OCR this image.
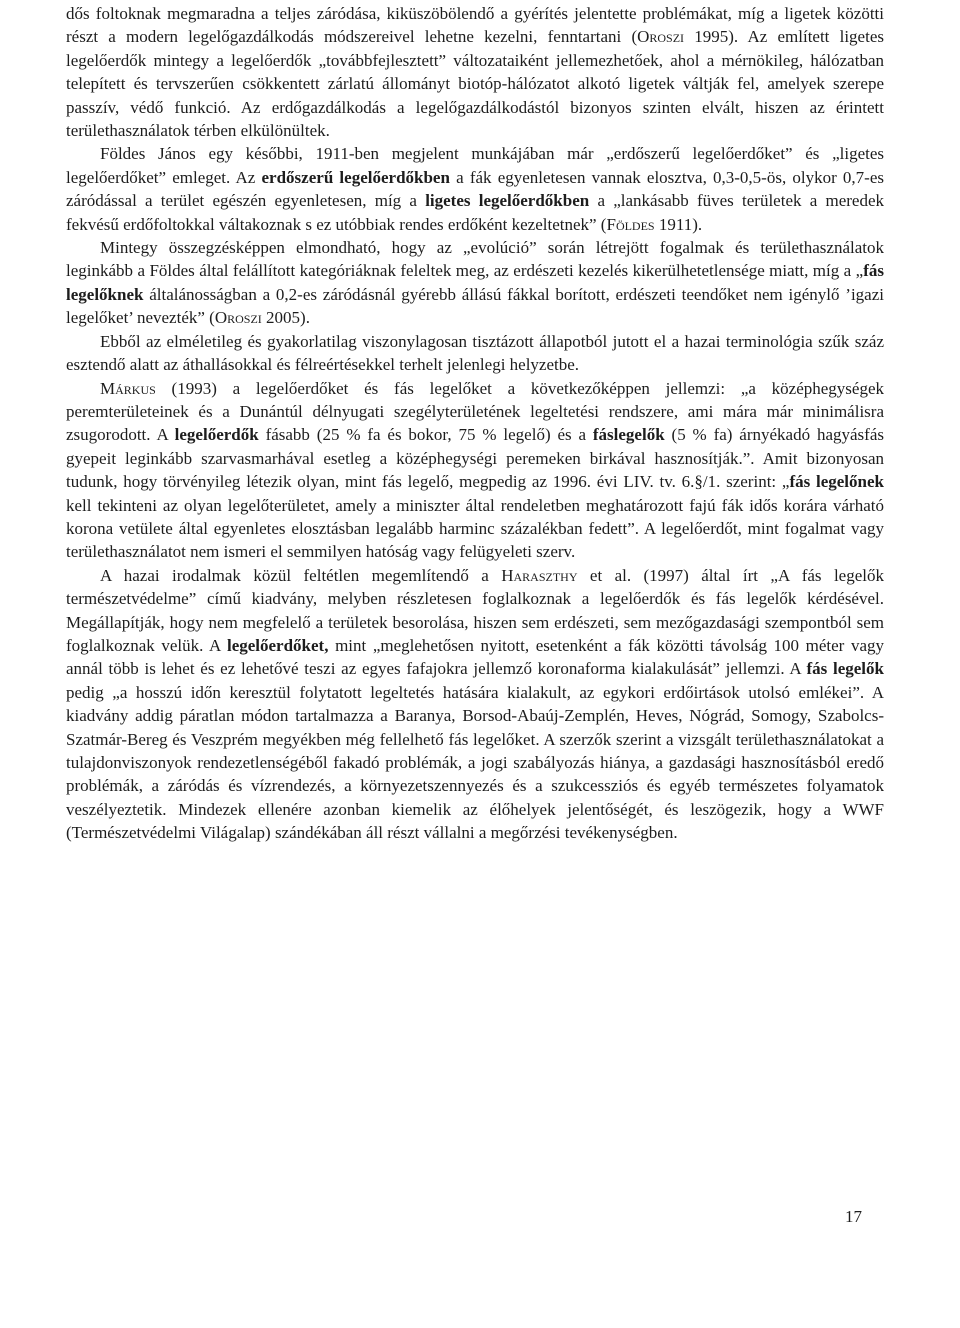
dős foltoknak megmaradna a teljes záródása, kiküszöbölendő a gyérítés jelentette problémákat, míg a ligetek közötti részt a modern legelőgazdálkodás módszereivel lehetne kezelni, fenntartani (Oroszi 1995). Az említett ligetes legelőerdők mintegy a legelőerdők „továbbfejlesztett” változataiként jellemezhetőek, ahol a mérnökileg, hálózatban telepített és tervszerűen csökkentett zárlatú állományt biotóp-hálózatot alkotó ligetek váltják fel, amelyek szerepe passzív, védő funkció. Az erdőgazdálkodás a legelőgazdálkodástól bizonyos szinten elvált, hiszen az érintett területhasználatok térben elkülönültek.

Földes János egy későbbi, 1911-ben megjelent munkájában már „erdőszerű legelőerdőket” és „ligetes legelőerdőket” emleget. Az erdőszerű legelőerdőkben a fák egyenletesen vannak elosztva, 0,3-0,5-ös, olykor 0,7-es záródással a terület egészén egyenletesen, míg a ligetes legelőerdőkben a „lankásabb füves területek a meredek fekvésű erdőfoltokkal váltakoznak s ez utóbbiak rendes erdőként kezeltetnek” (Földes 1911).

Mintegy összegzésképpen elmondható, hogy az „evolúció” során létrejött fogalmak és területhasználatok leginkább a Földes által felállított kategóriáknak feleltek meg, az erdészeti kezelés kikerülhetetlensége miatt, míg a „fás legelőknek általánosságban a 0,2-es záródásnál gyérebb állású fákkal borított, erdészeti teendőket nem igénylő ’igazi legelőket’ nevezték” (Oroszi 2005).

Ebből az elméletileg és gyakorlatilag viszonylagosan tisztázott állapotból jutott el a hazai terminológia szűk száz esztendő alatt az áthallásokkal és félreértésekkel terhelt jelenlegi helyzetbe.

Márkus (1993) a legelőerdőket és fás legelőket a következőképpen jellemzi: „a középhegységek peremterületeinek és a Dunántúl délnyugati szegélyterületének legeltetési rendszere, ami mára már minimálisra zsugorodott. A legelőerdők fásabb (25 % fa és bokor, 75 % legelő) és a fáslegelők (5 % fa) árnyékadó hagyásfás gyepeit leginkább szarvasmarhával esetleg a középhegységi peremeken birkával hasznosítják.”. Amit bizonyosan tudunk, hogy törvényileg létezik olyan, mint fás legelő, megpedig az 1996. évi LIV. tv. 6.§/1. szerint: „fás legelőnek kell tekinteni az olyan legelőterületet, amely a miniszter által rendeletben meghatározott fajú fák idős korára várható korona vetülete által egyenletes elosztásban legalább harminc százalékban fedett”. A legelőerdőt, mint fogalmat vagy területhasználatot nem ismeri el semmilyen hatóság vagy felügyeleti szerv.

A hazai irodalmak közül feltétlen megemlítendő a Haraszthy et al. (1997) által írt „A fás legelők természetvédelme” című kiadvány, melyben részletesen foglalkoznak a legelőerdők és fás legelők kérdésével. Megállapítják, hogy nem megfelelő a területek besorolása, hiszen sem erdészeti, sem mezőgazdasági szempontból sem foglalkoznak velük. A legelőerdőket, mint „meglehetősen nyitott, esetenként a fák közötti távolság 100 méter vagy annál több is lehet és ez lehetővé teszi az egyes fafajokra jellemző koronaforma kialakulását” jellemzi. A fás legelők pedig „a hosszú időn keresztül folytatott legeltetés hatására kialakult, az egykori erdőirtások utolsó emlékei”. A kiadvány addig páratlan módon tartalmazza a Baranya, Borsod-Abaúj-Zemplén, Heves, Nógrád, Somogy, Szabolcs-Szatmár-Bereg és Veszprém megyékben még fellelhető fás legelőket. A szerzők szerint a vizsgált területhasználatokat a tulajdonviszonyok rendezetlenségéből fakadó problémák, a jogi szabályozás hiánya, a gazdasági hasznosításból eredő problémák, a záródás és vízrendezés, a környezetszennyezés és a szukcessziós és egyéb természetes folyamatok veszélyeztetik. Mindezek ellenére azonban kiemelik az élőhelyek jelentőségét, és leszögezik, hogy a WWF (Természetvédelmi Világalap) szándékában áll részt vállalni a megőrzési tevékenységben.

17
